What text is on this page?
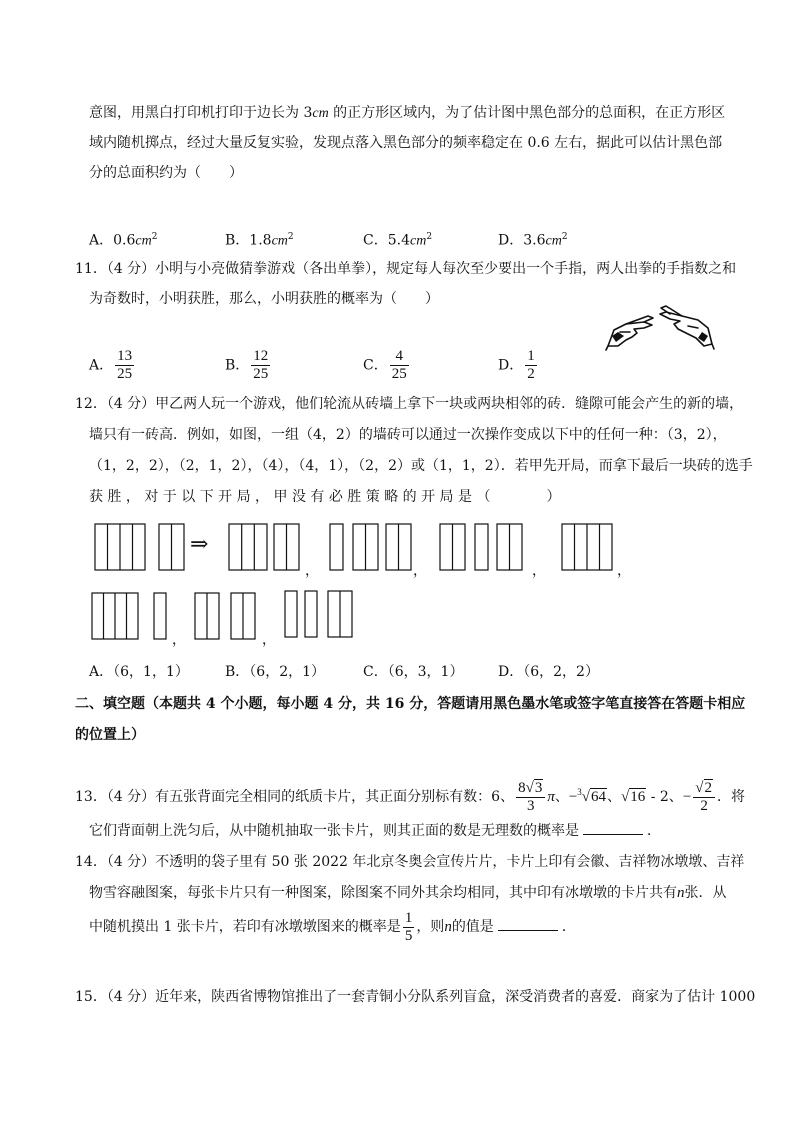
意图，用黑白打印机打印于边长为 3cm 的正方形区域内，为了估计图中黑色部分的总面积，在正方形区
域内随机掷点，经过大量反复实验，发现点落入黑色部分的频率稳定在 0.6 左右，据此可以估计黑色部
分的总面积约为（　　）
A．$0.6cm^2$	B．$1.8cm^2$	C．$5.4cm^2$	D．$3.6cm^2$
11．（4 分）小明与小亮做猜拳游戏（各出单拳），规定每人每次至少要出一个手指，两人出拳的手指数之和
为奇数时，小明获胜，那么，小明获胜的概率为（　　）
A． $\frac{13}{25}$	B． $\frac{12}{25}$	C． $\frac{4}{25}$	D． $\frac{1}{2}$
12．（4 分）甲乙两人玩一个游戏，他们轮流从砖墙上拿下一块或两块相邻的砖．缝隙可能会产生的新的墙，
墙只有一砖高．例如，如图，一组（4，2）的墙砖可以通过一次操作变成以下中的任何一种：（3，2），
（1，2，2），（2，1，2），（4），（4，1），（2，2）或（1，1，2）．若甲先开局，而拿下最后一块砖的选手
获 胜 ， 对 于 以 下 开 局 ， 甲 没 有 必 胜 策 略 的 开 局 是 （　　　　）
⇒
，	，	，	，
，	，
A．（6，1，1）	B．（6，2，1）	C．（6，3，1） D．（6，2，2）
二、填空题（本题共 4 个小题，每小题 4 分，共 16 分，答题请用黑色墨水笔或签字笔直接答在答题卡相应
的位置上）
13．（4 分）有五张背面完全相同的纸质卡片，其正面分别标有数：6、 $\frac{8√3}{3}$ π、−$^3$√64、√16 - 2、− $\frac{√2}{2}$ ．将
它们背面朝上洗匀后，从中随机抽取一张卡片，则其正面的数是无理数的概率是	．
14．（4 分）不透明的袋子里有 50 张 2022 年北京冬奥会宣传片片，卡片上印有会徽、吉祥物冰墩墩、吉祥
物雪容融图案，每张卡片只有一种图案，除图案不同外其余均相同，其中印有冰墩墩的卡片共有n张．从
中随机摸出 1 张卡片，若印有冰墩墩图来的概率是 $\frac{1}{5}$ ，则n的值是	．
15．（4 分）近年来，陕西省博物馆推出了一套青铜小分队系列盲盒，深受消费者的喜爱．商家为了估计 1000
